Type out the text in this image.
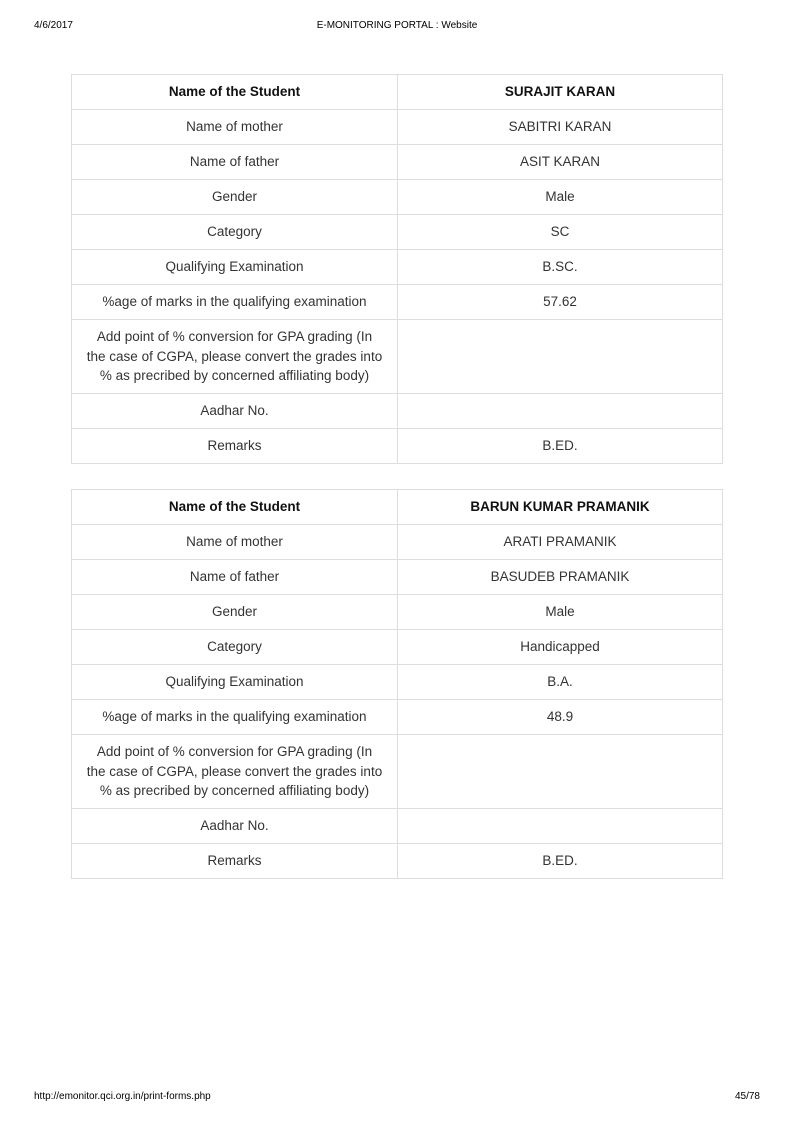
4/6/2017	E-MONITORING PORTAL : Website
Name of the Student	SURAJIT KARAN
Name of mother	SABITRI KARAN
Name of father	ASIT KARAN
Gender	Male
Category	SC
Qualifying Examination	B.SC.
%age of marks in the qualifying examination	57.62
Add point of % conversion for GPA grading (In the case of CGPA, please convert the grades into % as precribed by concerned affiliating body)	
Aadhar No.	
Remarks	B.ED.
Name of the Student	BARUN KUMAR PRAMANIK
Name of mother	ARATI PRAMANIK
Name of father	BASUDEB PRAMANIK
Gender	Male
Category	Handicapped
Qualifying Examination	B.A.
%age of marks in the qualifying examination	48.9
Add point of % conversion for GPA grading (In the case of CGPA, please convert the grades into % as precribed by concerned affiliating body)	
Aadhar No.	
Remarks	B.ED.
http://emonitor.qci.org.in/print-forms.php	45/78
